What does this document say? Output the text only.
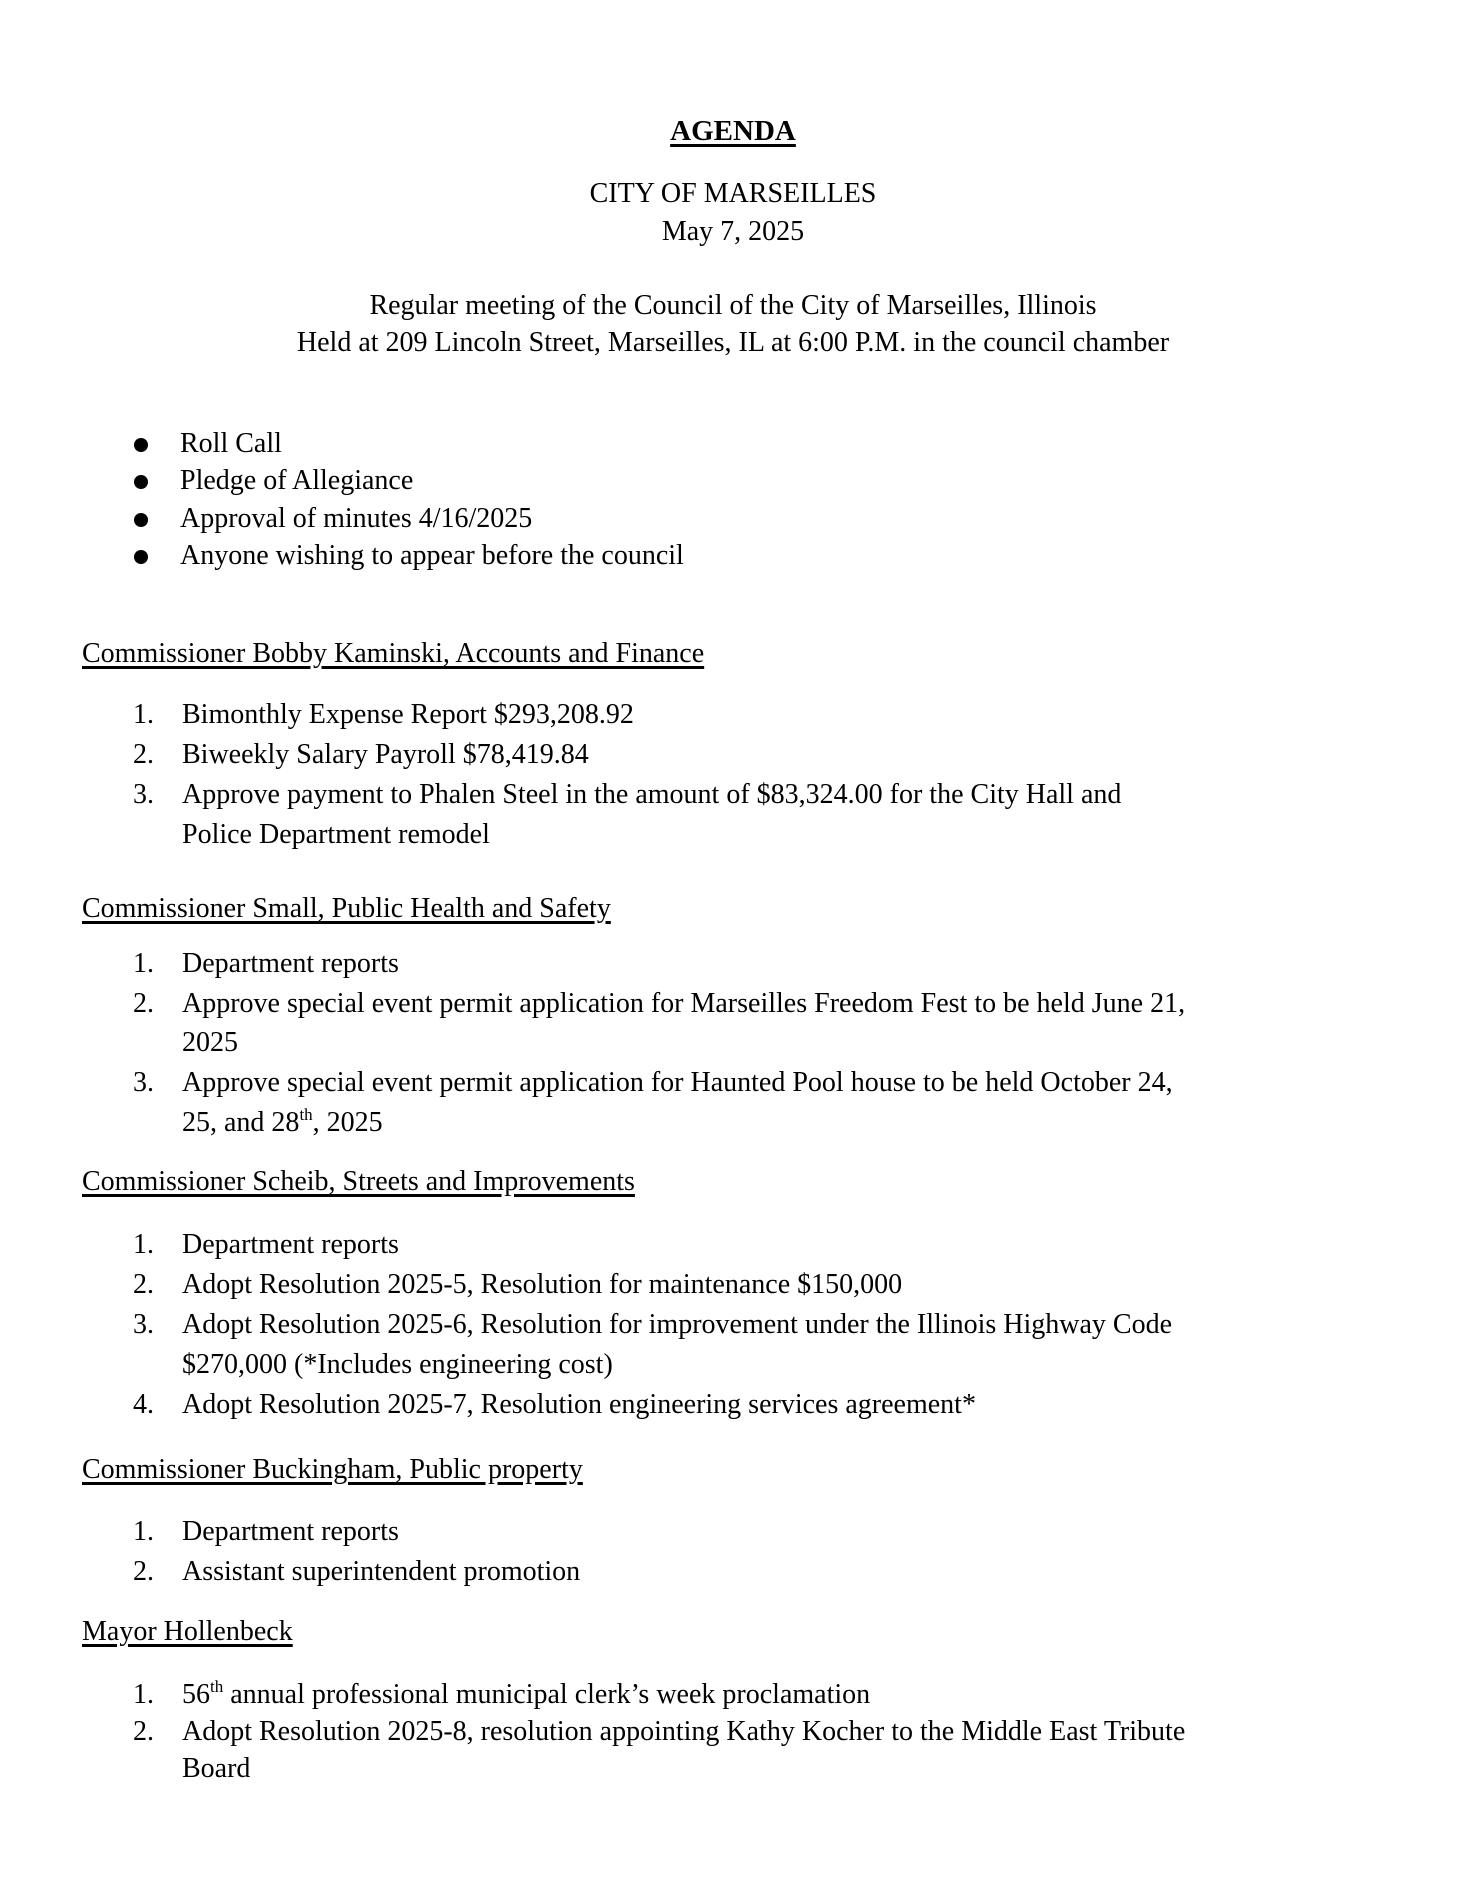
AGENDA
CITY OF MARSEILLES
May 7, 2025
Regular meeting of the Council of the City of Marseilles, Illinois
Held at 209 Lincoln Street, Marseilles, IL at 6:00 P.M. in the council chamber
Roll Call
Pledge of Allegiance
Approval of minutes 4/16/2025
Anyone wishing to appear before the council
Commissioner Bobby Kaminski, Accounts and Finance
1. Bimonthly Expense Report $293,208.92
2. Biweekly Salary Payroll $78,419.84
3. Approve payment to Phalen Steel in the amount of $83,324.00 for the City Hall and
Police Department remodel
Commissioner Small, Public Health and Safety
1. Department reports
2. Approve special event permit application for Marseilles Freedom Fest to be held June 21,
2025
3. Approve special event permit application for Haunted Pool house to be held October 24,
25, and 28th, 2025
Commissioner Scheib, Streets and Improvements
1. Department reports
2. Adopt Resolution 2025-5, Resolution for maintenance $150,000
3. Adopt Resolution 2025-6, Resolution for improvement under the Illinois Highway Code
$270,000 (*Includes engineering cost)
4. Adopt Resolution 2025-7, Resolution engineering services agreement*
Commissioner Buckingham, Public property
1. Department reports
2. Assistant superintendent promotion
Mayor Hollenbeck
1. 56th annual professional municipal clerk’s week proclamation
2. Adopt Resolution 2025-8, resolution appointing Kathy Kocher to the Middle East Tribute
Board
